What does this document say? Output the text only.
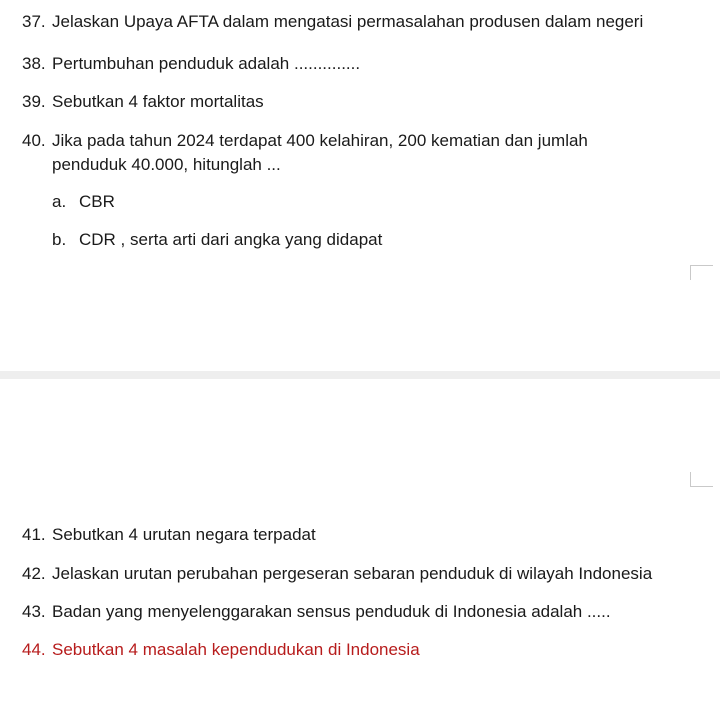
37. Jelaskan Upaya AFTA dalam mengatasi permasalahan produsen dalam negeri
38. Pertumbuhan penduduk adalah ..............
39. Sebutkan 4 faktor mortalitas
40. Jika pada tahun 2024 terdapat 400 kelahiran, 200 kematian dan jumlah
penduduk 40.000, hitunglah ...
a. CBR
b. CDR , serta arti dari angka yang didapat
41. Sebutkan 4 urutan negara terpadat
42. Jelaskan urutan perubahan pergeseran sebaran penduduk di wilayah Indonesia
43. Badan yang menyelenggarakan sensus penduduk di Indonesia adalah .....
44. Sebutkan 4 masalah kependudukan di Indonesia
